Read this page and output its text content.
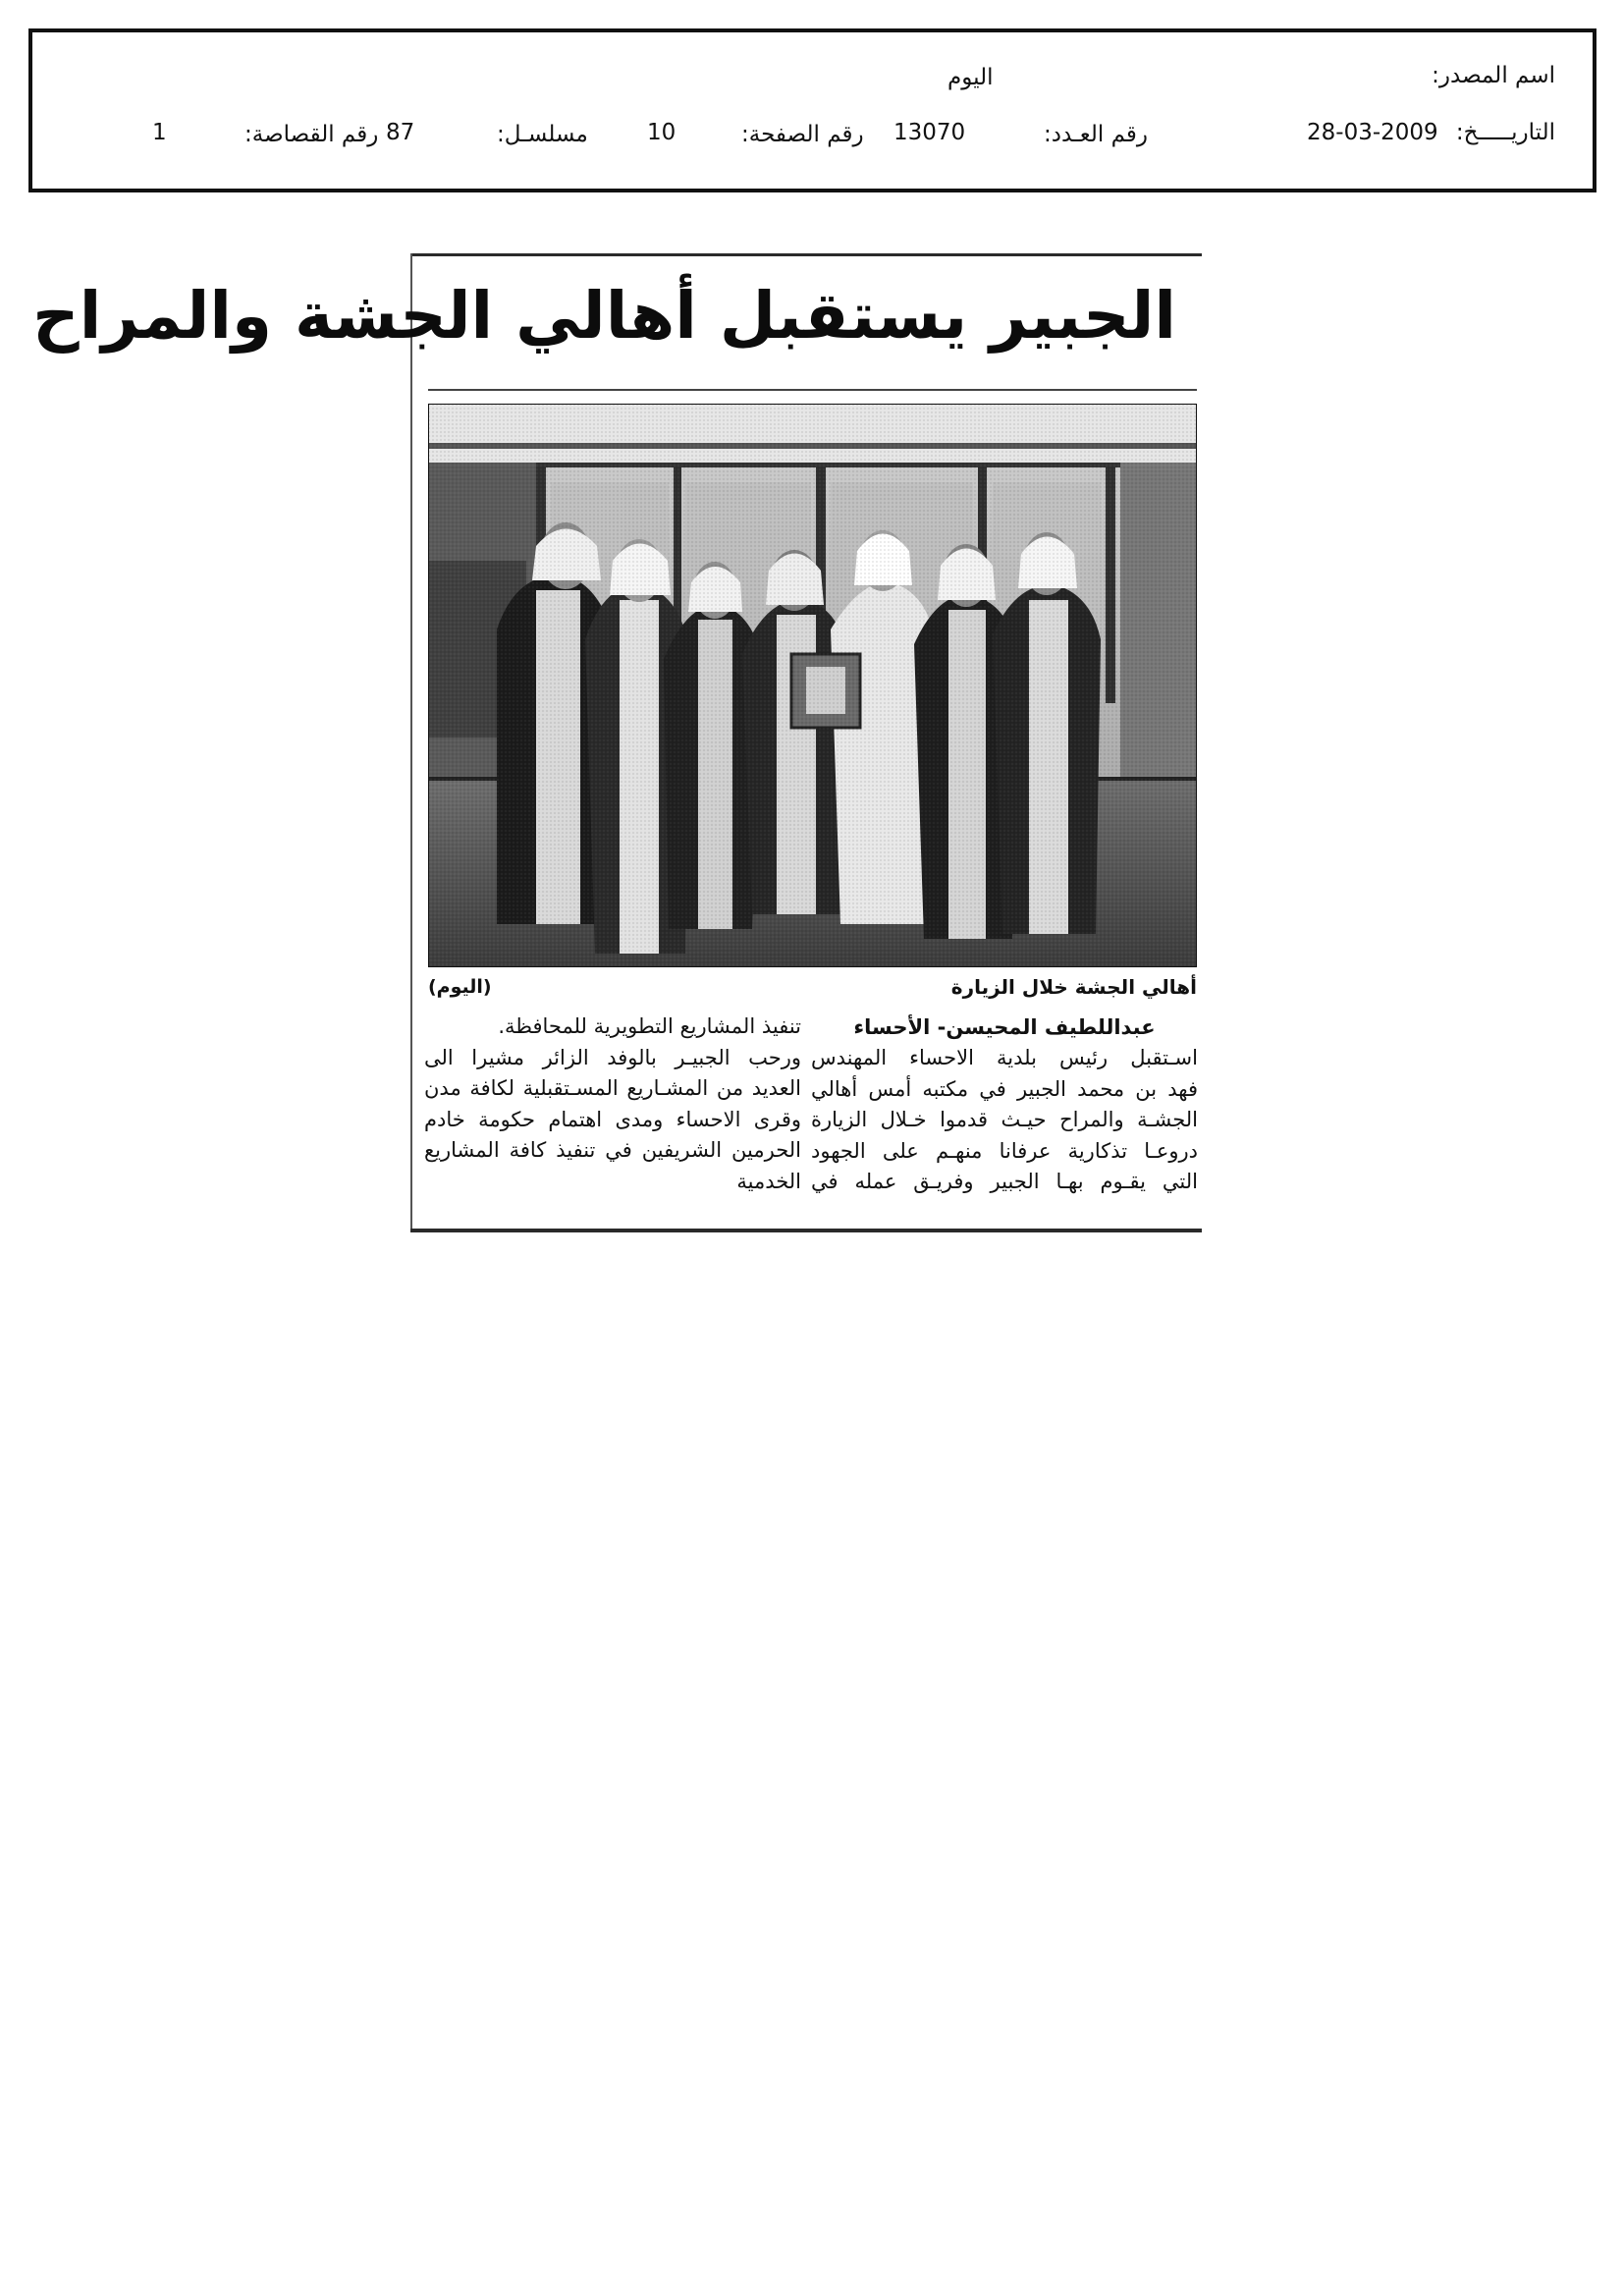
اسم المصدر:
اليوم
التاريـــــخ:
28-03-2009
رقم العـدد:
13070
رقم الصفحة:
10
مسلسـل:
87
رقم القصاصة:
1
الجبير يستقبل أهالي الجشة والمراح
أهالي الجشة خلال الزيارة
(اليوم)
عبداللطيف المحيسن- الأحساء
اسـتقبل رئيس بلدية الاحساء المهندس
فهد بن محمد الجبير في مكتبه أمس أهالي
الجشـة والمراح حيـث قدموا خـلال الزيارة
دروعـا تذكارية عرفانا منهـم على الجهود
التي يقـوم بهـا الجبير وفريـق عمله في
تنفيذ المشاريع التطويرية للمحافظة.
ورحب الجبيـر بالوفد الزائر مشيرا الى
العديد من المشـاريع المسـتقبلية لكافة مدن
وقرى الاحساء ومدى اهتمام حكومة خادم
الحرمين الشريفين في تنفيذ كافة المشاريع
الخدمية
